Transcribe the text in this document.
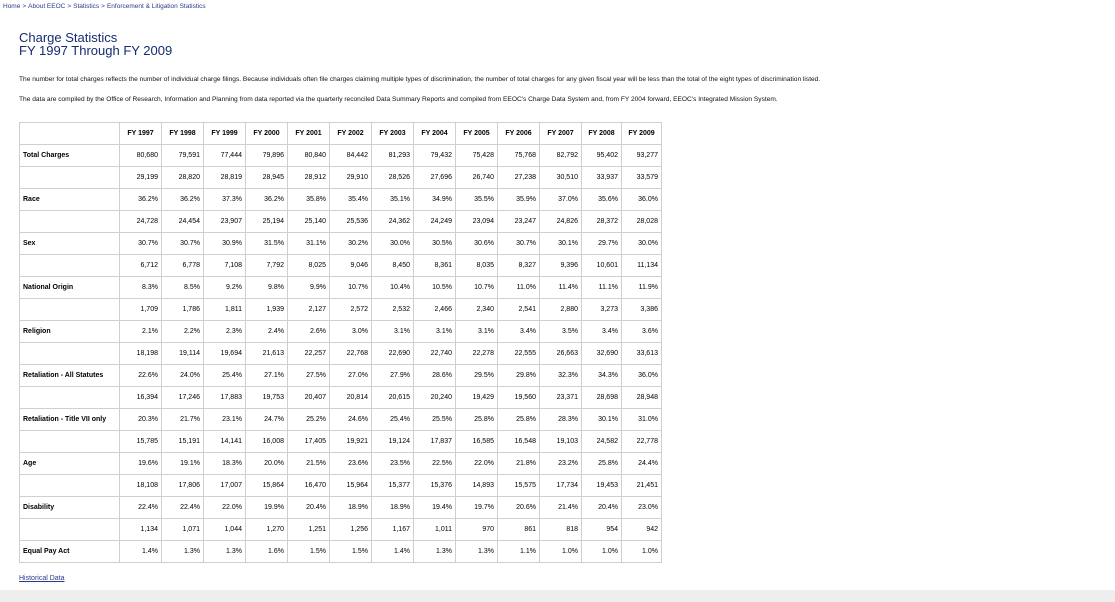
Home > About EEOC > Statistics > Enforcement & Litigation Statistics
Charge Statistics
FY 1997 Through FY 2009
The number for total charges reflects the number of individual charge filings. Because individuals often file charges claiming multiple types of discrimination, the number of total charges for any given fiscal year will be less than the total of the eight types of discrimination listed.
The data are compiled by the Office of Research, Information and Planning from data reported via the quarterly reconciled Data Summary Reports and compiled from EEOC's Charge Data System and, from FY 2004 forward, EEOC's Integrated Mission System.
	FY 1997	FY 1998	FY 1999	FY 2000	FY 2001	FY 2002	FY 2003	FY 2004	FY 2005	FY 2006	FY 2007	FY 2008	FY 2009
Total Charges	80,680	79,591	77,444	79,896	80,840	84,442	81,293	79,432	75,428	75,768	82,792	95,402	93,277
	29,199	28,820	28,819	28,945	28,912	29,910	28,526	27,696	26,740	27,238	30,510	33,937	33,579
Race	36.2%	36.2%	37.3%	36.2%	35.8%	35.4%	35.1%	34.9%	35.5%	35.9%	37.0%	35.6%	36.0%
	24,728	24,454	23,907	25,194	25,140	25,536	24,362	24,249	23,094	23,247	24,826	28,372	28,028
Sex	30.7%	30.7%	30.9%	31.5%	31.1%	30.2%	30.0%	30.5%	30.6%	30.7%	30.1%	29.7%	30.0%
	6,712	6,778	7,108	7,792	8,025	9,046	8,450	8,361	8,035	8,327	9,396	10,601	11,134
National Origin	8.3%	8.5%	9.2%	9.8%	9.9%	10.7%	10.4%	10.5%	10.7%	11.0%	11.4%	11.1%	11.9%
	1,709	1,786	1,811	1,939	2,127	2,572	2,532	2,466	2,340	2,541	2,880	3,273	3,386
Religion	2.1%	2.2%	2.3%	2.4%	2.6%	3.0%	3.1%	3.1%	3.1%	3.4%	3.5%	3.4%	3.6%
	18,198	19,114	19,694	21,613	22,257	22,768	22,690	22,740	22,278	22,555	26,663	32,690	33,613
Retaliation - All Statutes	22.6%	24.0%	25.4%	27.1%	27.5%	27.0%	27.9%	28.6%	29.5%	29.8%	32.3%	34.3%	36.0%
	16,394	17,246	17,883	19,753	20,407	20,814	20,615	20,240	19,429	19,560	23,371	28,698	28,948
Retaliation - Title VII only	20.3%	21.7%	23.1%	24.7%	25.2%	24.6%	25.4%	25.5%	25.8%	25.8%	28.3%	30.1%	31.0%
	15,785	15,191	14,141	16,008	17,405	19,921	19,124	17,837	16,585	16,548	19,103	24,582	22,778
Age	19.6%	19.1%	18.3%	20.0%	21.5%	23.6%	23.5%	22.5%	22.0%	21.8%	23.2%	25.8%	24.4%
	18,108	17,806	17,007	15,864	16,470	15,964	15,377	15,376	14,893	15,575	17,734	19,453	21,451
Disability	22.4%	22.4%	22.0%	19.9%	20.4%	18.9%	18.9%	19.4%	19.7%	20.6%	21.4%	20.4%	23.0%
	1,134	1,071	1,044	1,270	1,251	1,256	1,167	1,011	970	861	818	954	942
Equal Pay Act	1.4%	1.3%	1.3%	1.6%	1.5%	1.5%	1.4%	1.3%	1.3%	1.1%	1.0%	1.0%	1.0%
Historical Data
